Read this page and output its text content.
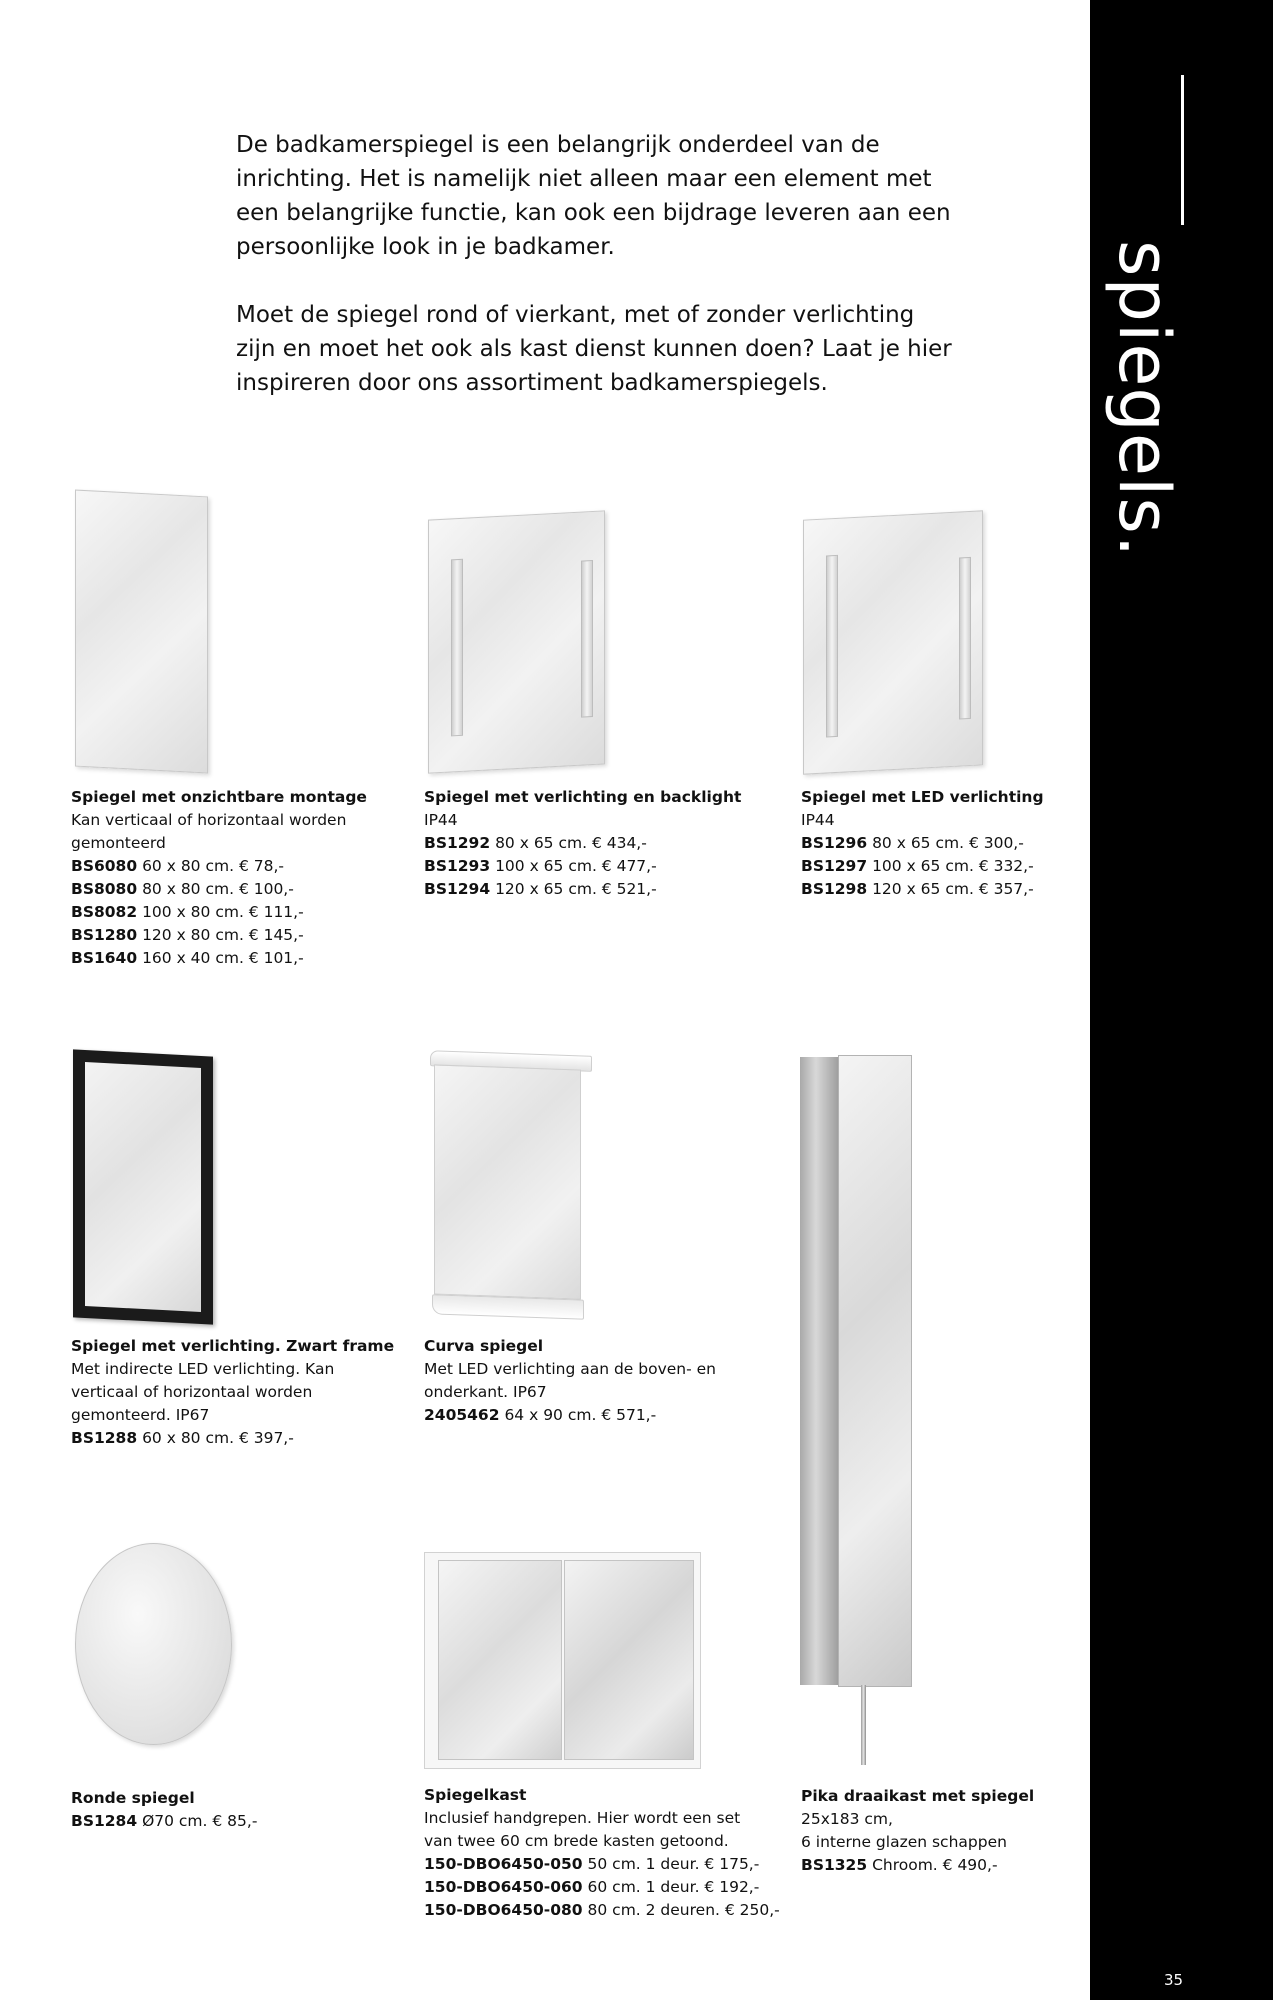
spiegels.
35

De badkamerspiegel is een belangrijk onderdeel van de inrichting. Het is namelijk niet alleen maar een element met een belangrijke functie, kan ook een bijdrage leveren aan een persoonlijke look in je badkamer.

Moet de spiegel rond of vierkant, met of zonder verlichting zijn en moet het ook als kast dienst kunnen doen? Laat je hier inspireren door ons assortiment badkamerspiegels.

Spiegel met onzichtbare montage
Kan verticaal of horizontaal worden gemonteerd
BS6080 60 x 80 cm. € 78,-
BS8080 80 x 80 cm. € 100,-
BS8082 100 x 80 cm. € 111,-
BS1280 120 x 80 cm. € 145,-
BS1640 160 x 40 cm. € 101,-
Spiegel met verlichting en backlight
IP44
BS1292 80 x 65 cm. € 434,-
BS1293 100 x 65 cm. € 477,-
BS1294 120 x 65 cm. € 521,-
Spiegel met LED verlichting
IP44
BS1296 80 x 65 cm. € 300,-
BS1297 100 x 65 cm. € 332,-
BS1298 120 x 65 cm. € 357,-
Spiegel met verlichting. Zwart frame
Met indirecte LED verlichting. Kan verticaal of horizontaal worden gemonteerd. IP67
BS1288 60 x 80 cm. € 397,-
Curva spiegel
Met LED verlichting aan de boven- en onderkant. IP67
2405462 64 x 90 cm. € 571,-
Ronde spiegel
BS1284 Ø70 cm. € 85,-
Spiegelkast
Inclusief handgrepen. Hier wordt een set van twee 60 cm brede kasten getoond.
150-DBO6450-050 50 cm. 1 deur. € 175,-
150-DBO6450-060 60 cm. 1 deur. € 192,-
150-DBO6450-080 80 cm. 2 deuren. € 250,-
Pika draaikast met spiegel
25x183 cm,
6 interne glazen schappen
BS1325 Chroom. € 490,-
